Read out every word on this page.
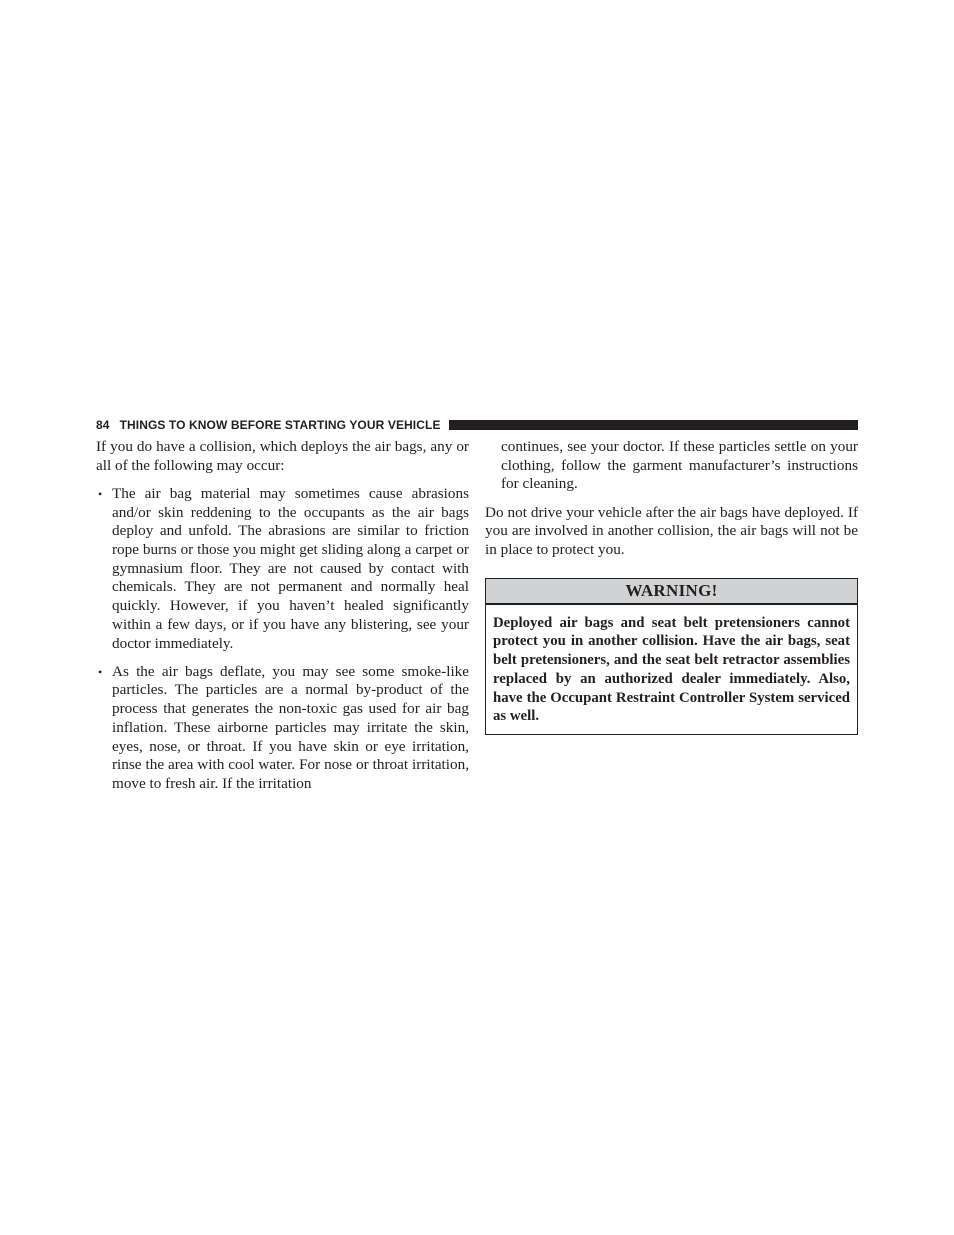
84 THINGS TO KNOW BEFORE STARTING YOUR VEHICLE

If you do have a collision, which deploys the air bags, any or all of the following may occur:

• The air bag material may sometimes cause abrasions and/or skin reddening to the occupants as the air bags deploy and unfold. The abrasions are similar to friction rope burns or those you might get sliding along a carpet or gymnasium floor. They are not caused by contact with chemicals. They are not permanent and normally heal quickly. However, if you haven’t healed significantly within a few days, or if you have any blistering, see your doctor immediately.
• As the air bags deflate, you may see some smoke-like particles. The particles are a normal by-product of the process that generates the non-toxic gas used for air bag inflation. These airborne particles may irritate the skin, eyes, nose, or throat. If you have skin or eye irritation, rinse the area with cool water. For nose or throat irritation, move to fresh air. If the irritation

continues, see your doctor. If these particles settle on your clothing, follow the garment manufacturer’s instructions for cleaning.

Do not drive your vehicle after the air bags have deployed. If you are involved in another collision, the air bags will not be in place to protect you.

WARNING!
Deployed air bags and seat belt pretensioners cannot protect you in another collision. Have the air bags, seat belt pretensioners, and the seat belt retractor assemblies replaced by an authorized dealer immediately. Also, have the Occupant Restraint Controller System serviced as well.
